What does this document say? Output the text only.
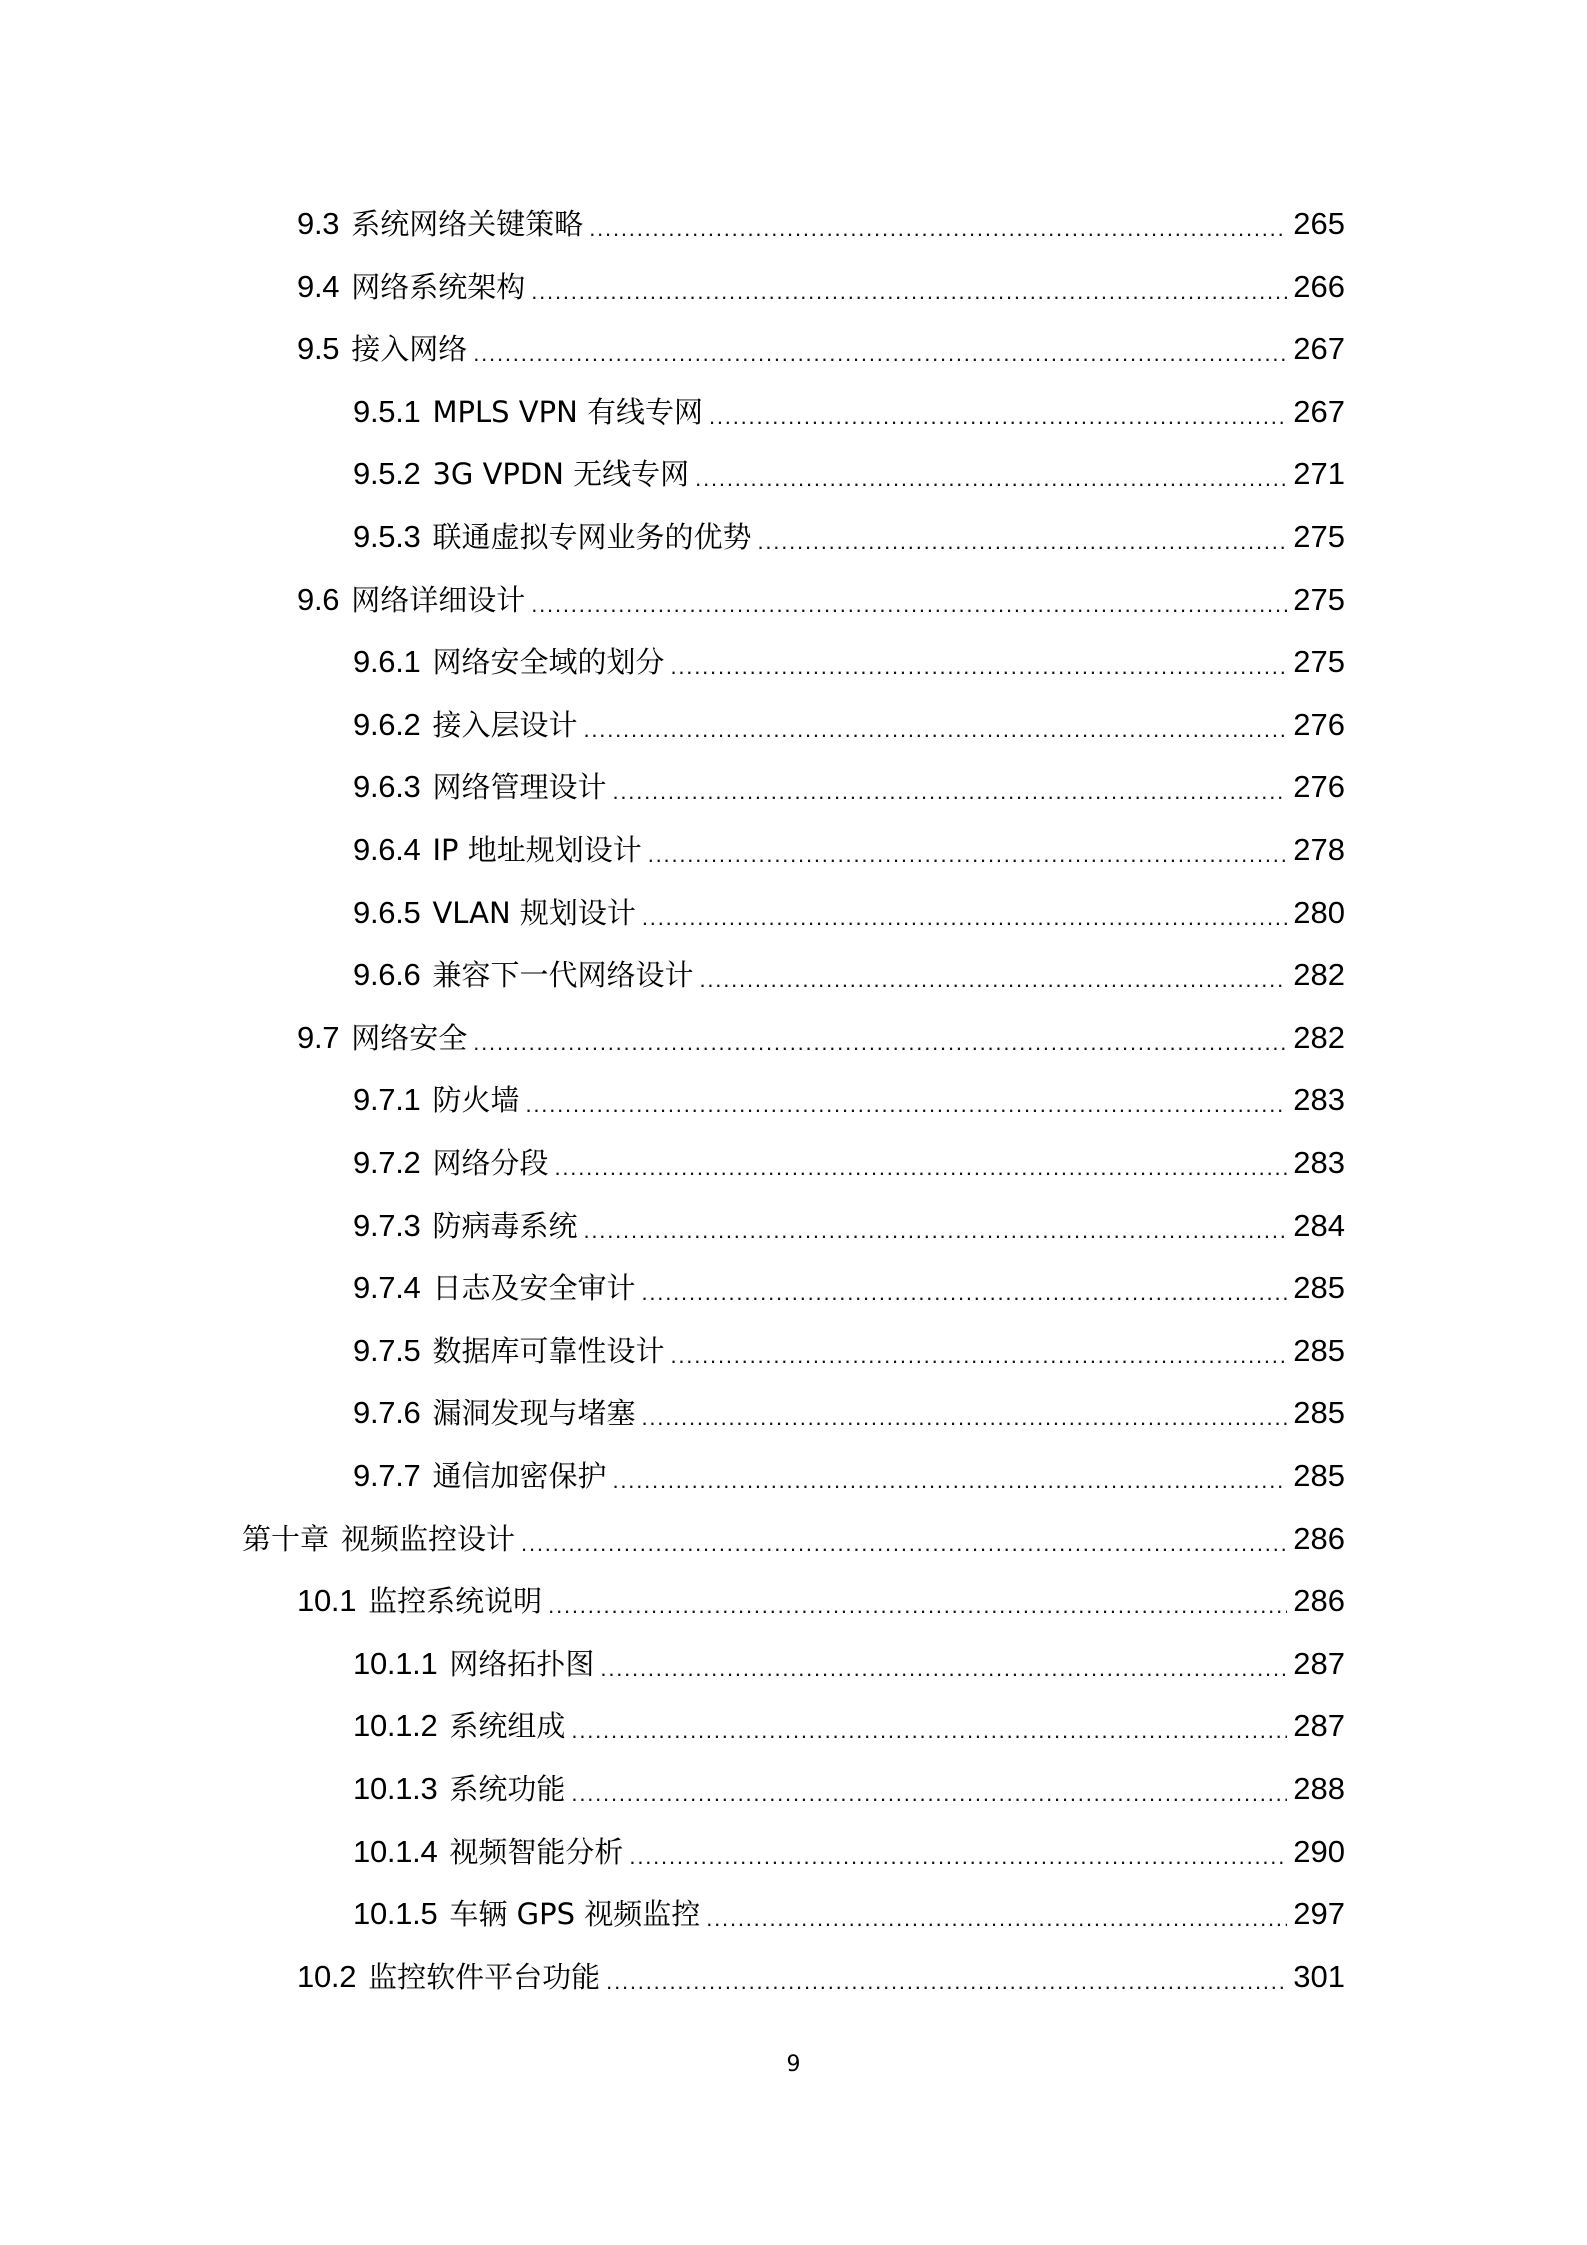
9.3 系统网络关键策略 .....	265
9.4 网络系统架构 .....	266
9.5 接入网络 .....	267
9.5.1 MPLS VPN 有线专网 .....	267
9.5.2 3G VPDN 无线专网 .....	271
9.5.3 联通虚拟专网业务的优势 .....	275
9.6 网络详细设计 .....	275
9.6.1 网络安全域的划分 .....	275
9.6.2 接入层设计 .....	276
9.6.3 网络管理设计 .....	276
9.6.4 IP 地址规划设计 .....	278
9.6.5 VLAN 规划设计 .....	280
9.6.6 兼容下一代网络设计 .....	282
9.7 网络安全 .....	282
9.7.1 防火墙 .....	283
9.7.2 网络分段 .....	283
9.7.3 防病毒系统 .....	284
9.7.4 日志及安全审计 .....	285
9.7.5 数据库可靠性设计 .....	285
9.7.6 漏洞发现与堵塞 .....	285
9.7.7 通信加密保护 .....	285
第十章 视频监控设计 .....	286
10.1 监控系统说明 .....	286
10.1.1 网络拓扑图 .....	287
10.1.2 系统组成 .....	287
10.1.3 系统功能 .....	288
10.1.4 视频智能分析 .....	290
10.1.5 车辆 GPS 视频监控 .....	297
10.2 监控软件平台功能 .....	301
9
